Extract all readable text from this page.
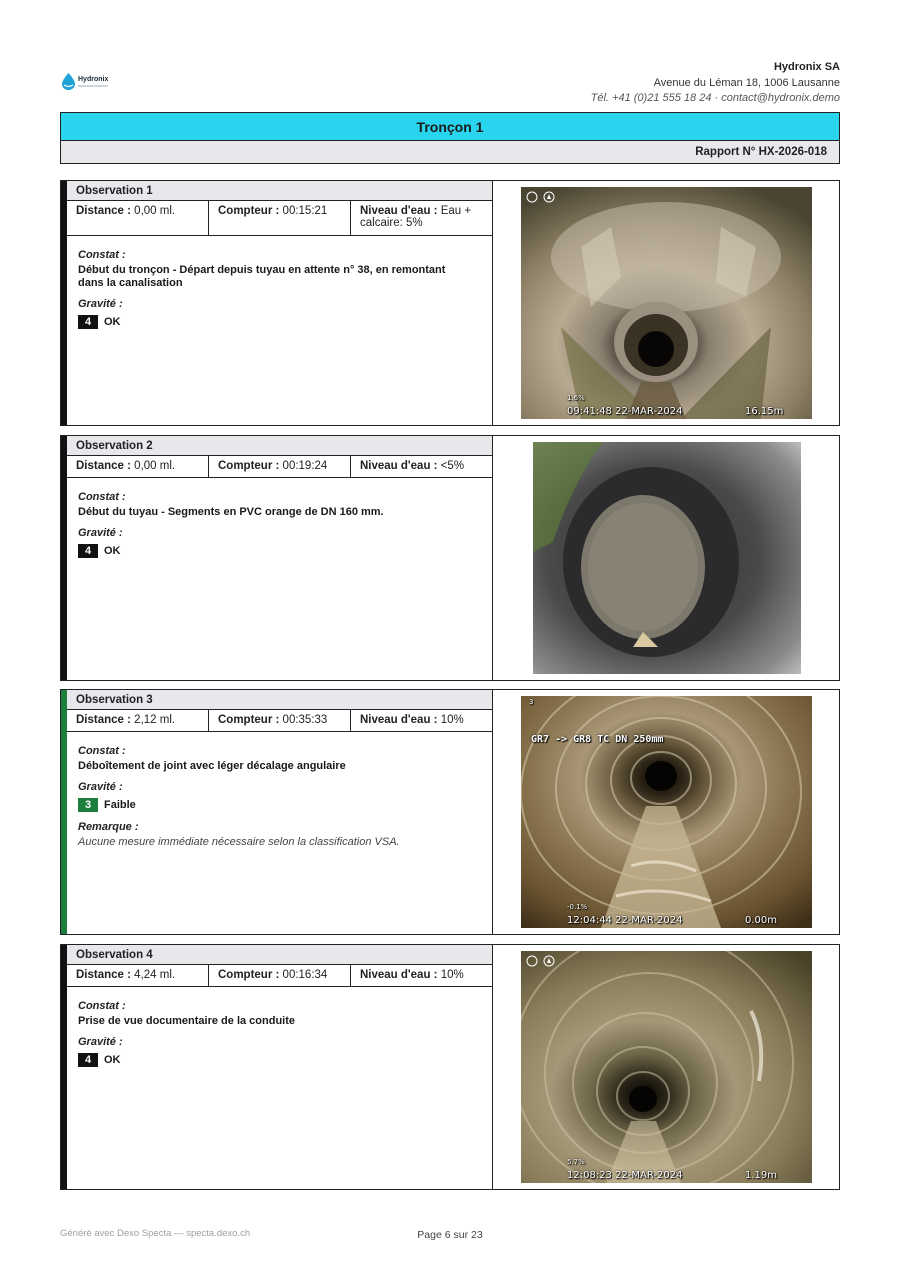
Hydronix
Hydronix SA
Avenue du Léman 18, 1006 Lausanne
Tél. +41 (0)21 555 18 24 · contact@hydronix.demo
Tronçon 1
Rapport N° HX-2026-018
Observation 1
Distance : 0,00 ml.	Compteur : 00:15:21	Niveau d'eau : Eau + calcaire: 5%
Constat :
Début du tronçon - Départ depuis tuyau en attente n° 38, en remontant dans la canalisation
Gravité :
4	OK
1.6%
09:41:48 22-MAR-2024	16.15m
Observation 2
Distance : 0,00 ml.	Compteur : 00:19:24	Niveau d'eau : <5%
Constat :
Début du tuyau - Segments en PVC orange de DN 160 mm.
Gravité :
4	OK
Observation 3
Distance : 2,12 ml.	Compteur : 00:35:33	Niveau d'eau : 10%
Constat :
Déboîtement de joint avec léger décalage angulaire
Gravité :
3	Faible
Remarque :
Aucune mesure immédiate nécessaire selon la classification VSA.
3
GR7 -> GR8 TC DN 250mm
-0.1%
12:04:44 22-MAR-2024	0.00m
Observation 4
Distance : 4,24 ml.	Compteur : 00:16:34	Niveau d'eau : 10%
Constat :
Prise de vue documentaire de la conduite
Gravité :
4	OK
5.7%
12:08:23 22-MAR-2024	1.19m
Généré avec Dexo Specta — specta.dexo.ch	Page 6 sur 23
